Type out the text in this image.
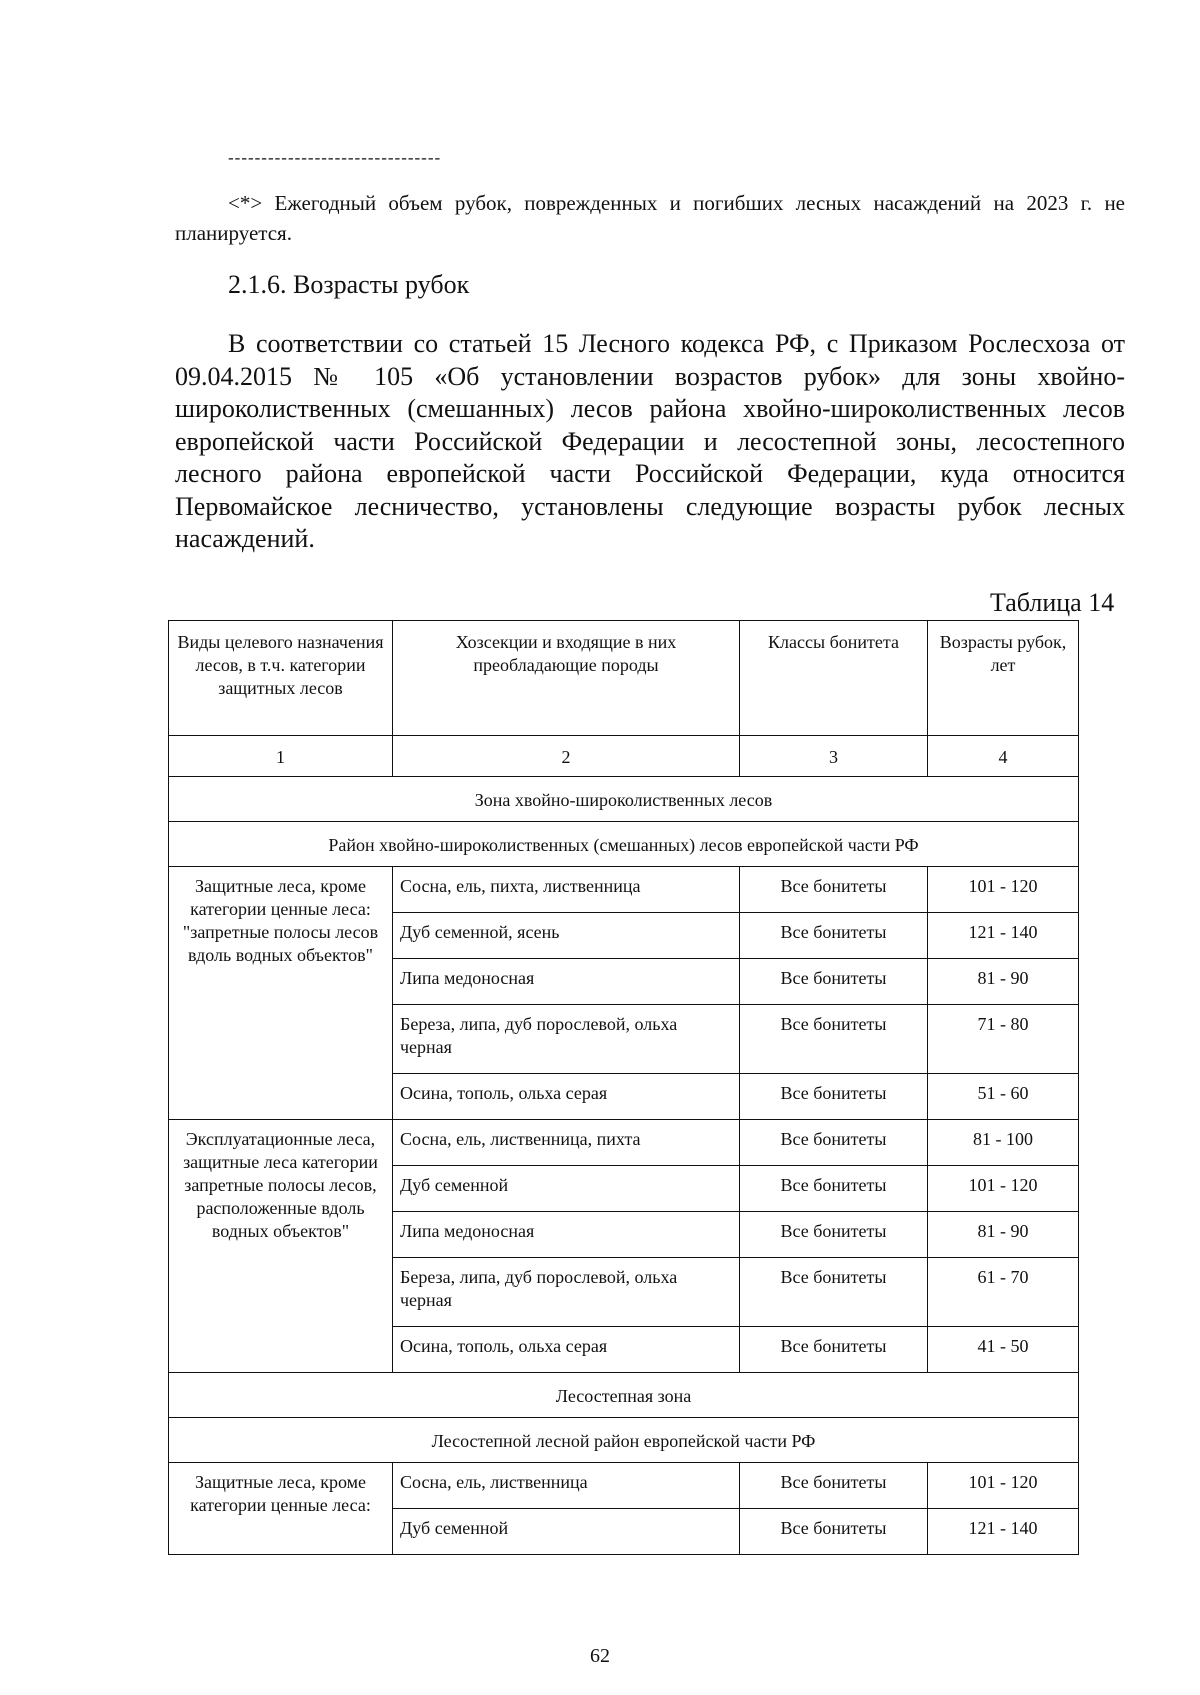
--------------------------------
<*> Ежегодный объем рубок, поврежденных и погибших лесных насаждений на 2023 г. не планируется.
2.1.6. Возрасты рубок
В соответствии со статьей 15 Лесного кодекса РФ, с Приказом Рослесхоза от 09.04.2015 № 105 «Об установлении возрастов рубок» для зоны хвойно-широколиственных (смешанных) лесов района хвойно-широколиственных лесов европейской части Российской Федерации и лесостепной зоны, лесостепного лесного района европейской части Российской Федерации, куда относится Первомайское лесничество, установлены следующие возрасты рубок лесных насаждений.
Таблица 14
Виды целевого назначения лесов, в т.ч. категории защитных лесов	Хозсекции и входящие в них преобладающие породы	Классы бонитета	Возрасты рубок, лет
1	2	3	4
Зона хвойно-широколиственных лесов			
Район хвойно-широколиственных (смешанных) лесов европейской части РФ			
Защитные леса, кроме категории ценные леса: "запретные полосы лесов вдоль водных объектов"	Сосна, ель, пихта, лиственница	Все бонитеты	101 - 120
	Дуб семенной, ясень	Все бонитеты	121 - 140
	Липа медоносная	Все бонитеты	81 - 90
	Береза, липа, дуб порослевой, ольха черная	Все бонитеты	71 - 80
	Осина, тополь, ольха серая	Все бонитеты	51 - 60
Эксплуатационные леса, защитные леса категории запретные полосы лесов, расположенные вдоль водных объектов"	Сосна, ель, лиственница, пихта	Все бонитеты	81 - 100
	Дуб семенной	Все бонитеты	101 - 120
	Липа медоносная	Все бонитеты	81 - 90
	Береза, липа, дуб порослевой, ольха черная	Все бонитеты	61 - 70
	Осина, тополь, ольха серая	Все бонитеты	41 - 50
Лесостепная зона			
Лесостепной лесной район европейской части РФ			
Защитные леса, кроме категории ценные леса:	Сосна, ель, лиственница	Все бонитеты	101 - 120
	Дуб семенной	Все бонитеты	121 - 140
62
